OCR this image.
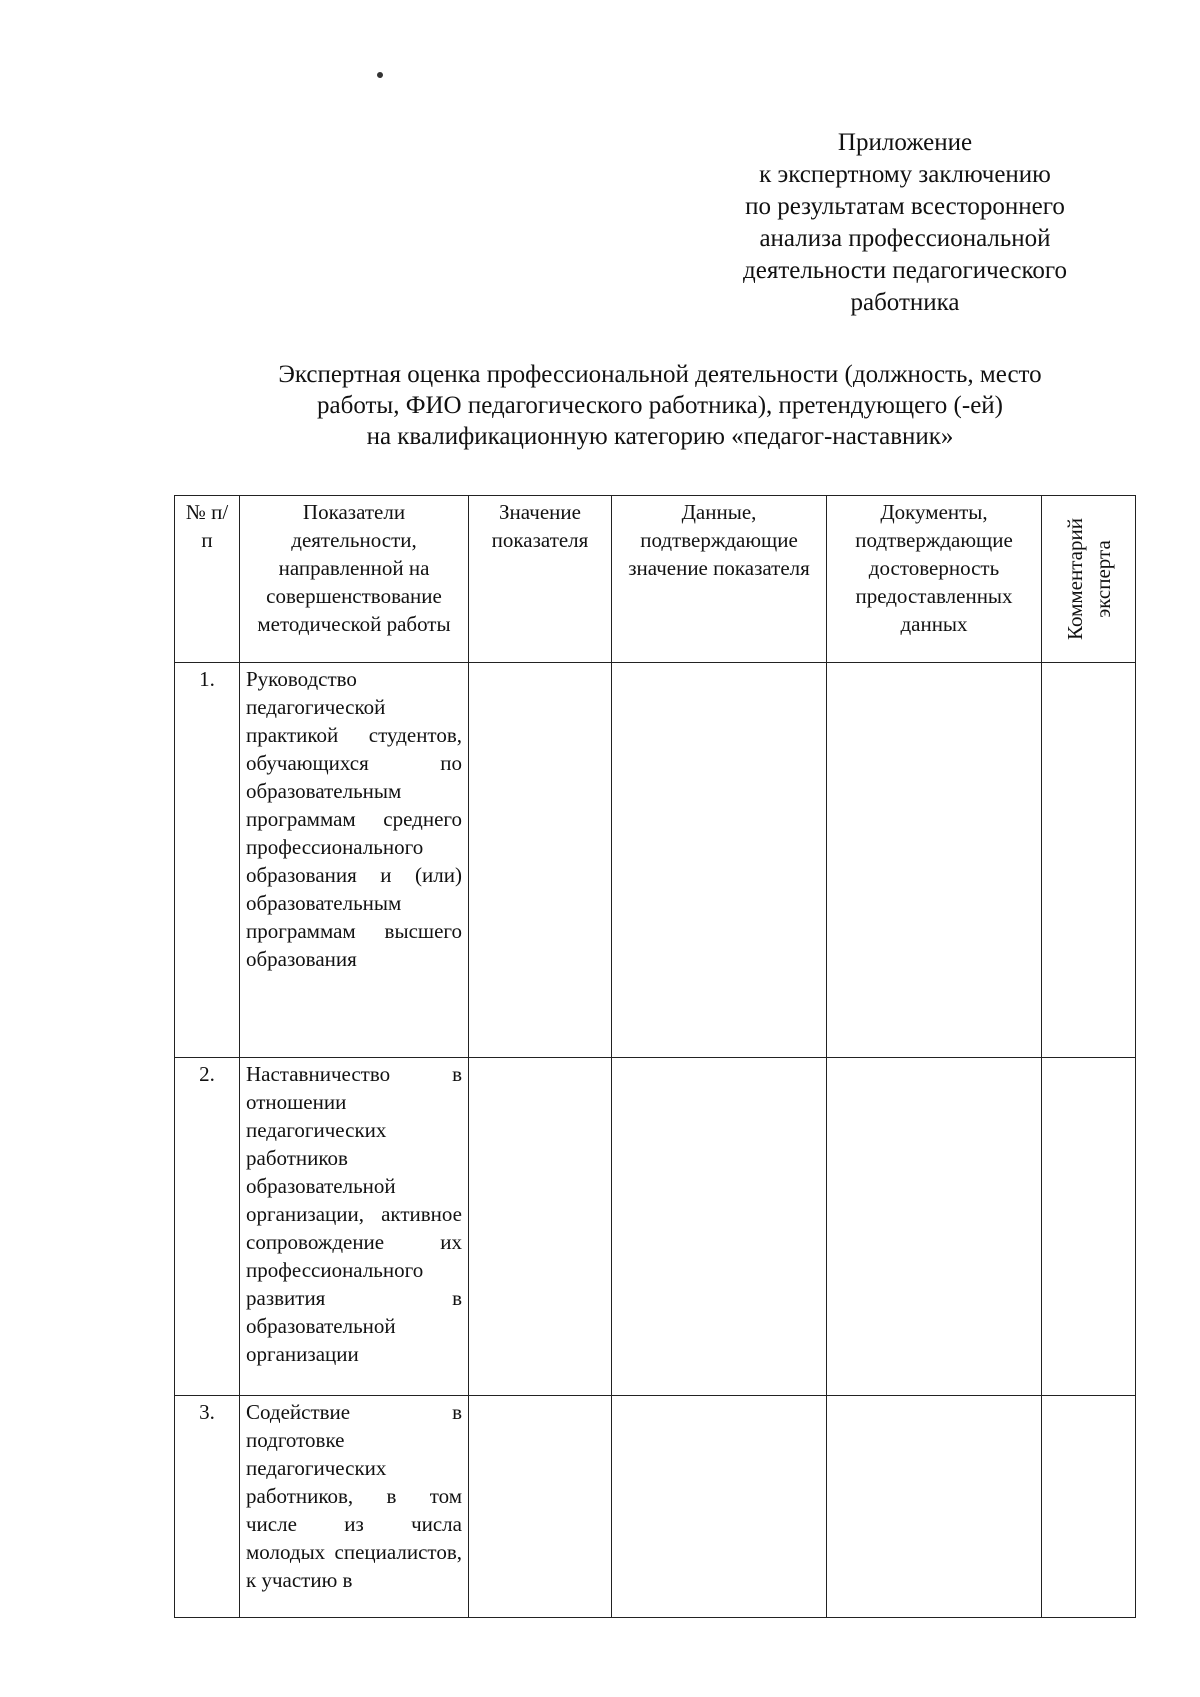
Приложение
к экспертному заключению
по результатам всестороннего
анализа профессиональной
деятельности педагогического
работника
Экспертная оценка профессиональной деятельности (должность, место
работы, ФИО педагогического работника), претендующего (-ей)
на квалификационную категорию «педагог-наставник»
№ п/ п	Показатели деятельности, направленной на совершенствование методической работы	Значение показателя	Данные, подтверждающие значение показателя	Документы, подтверждающие достоверность предоставленных данных	Комментарий эксперта

1.	Руководство педагогической практикой студентов, обучающихся по образовательным программам среднего профессионального образования и (или) образовательным программам высшего образования				
2.	Наставничество в отношении педагогических работников образовательной организации, активное сопровождение их профессионального развития в образовательной организации				
3.	Содействие в подготовке педагогических работников, в том числе из числа молодых специалистов, к участию в				
